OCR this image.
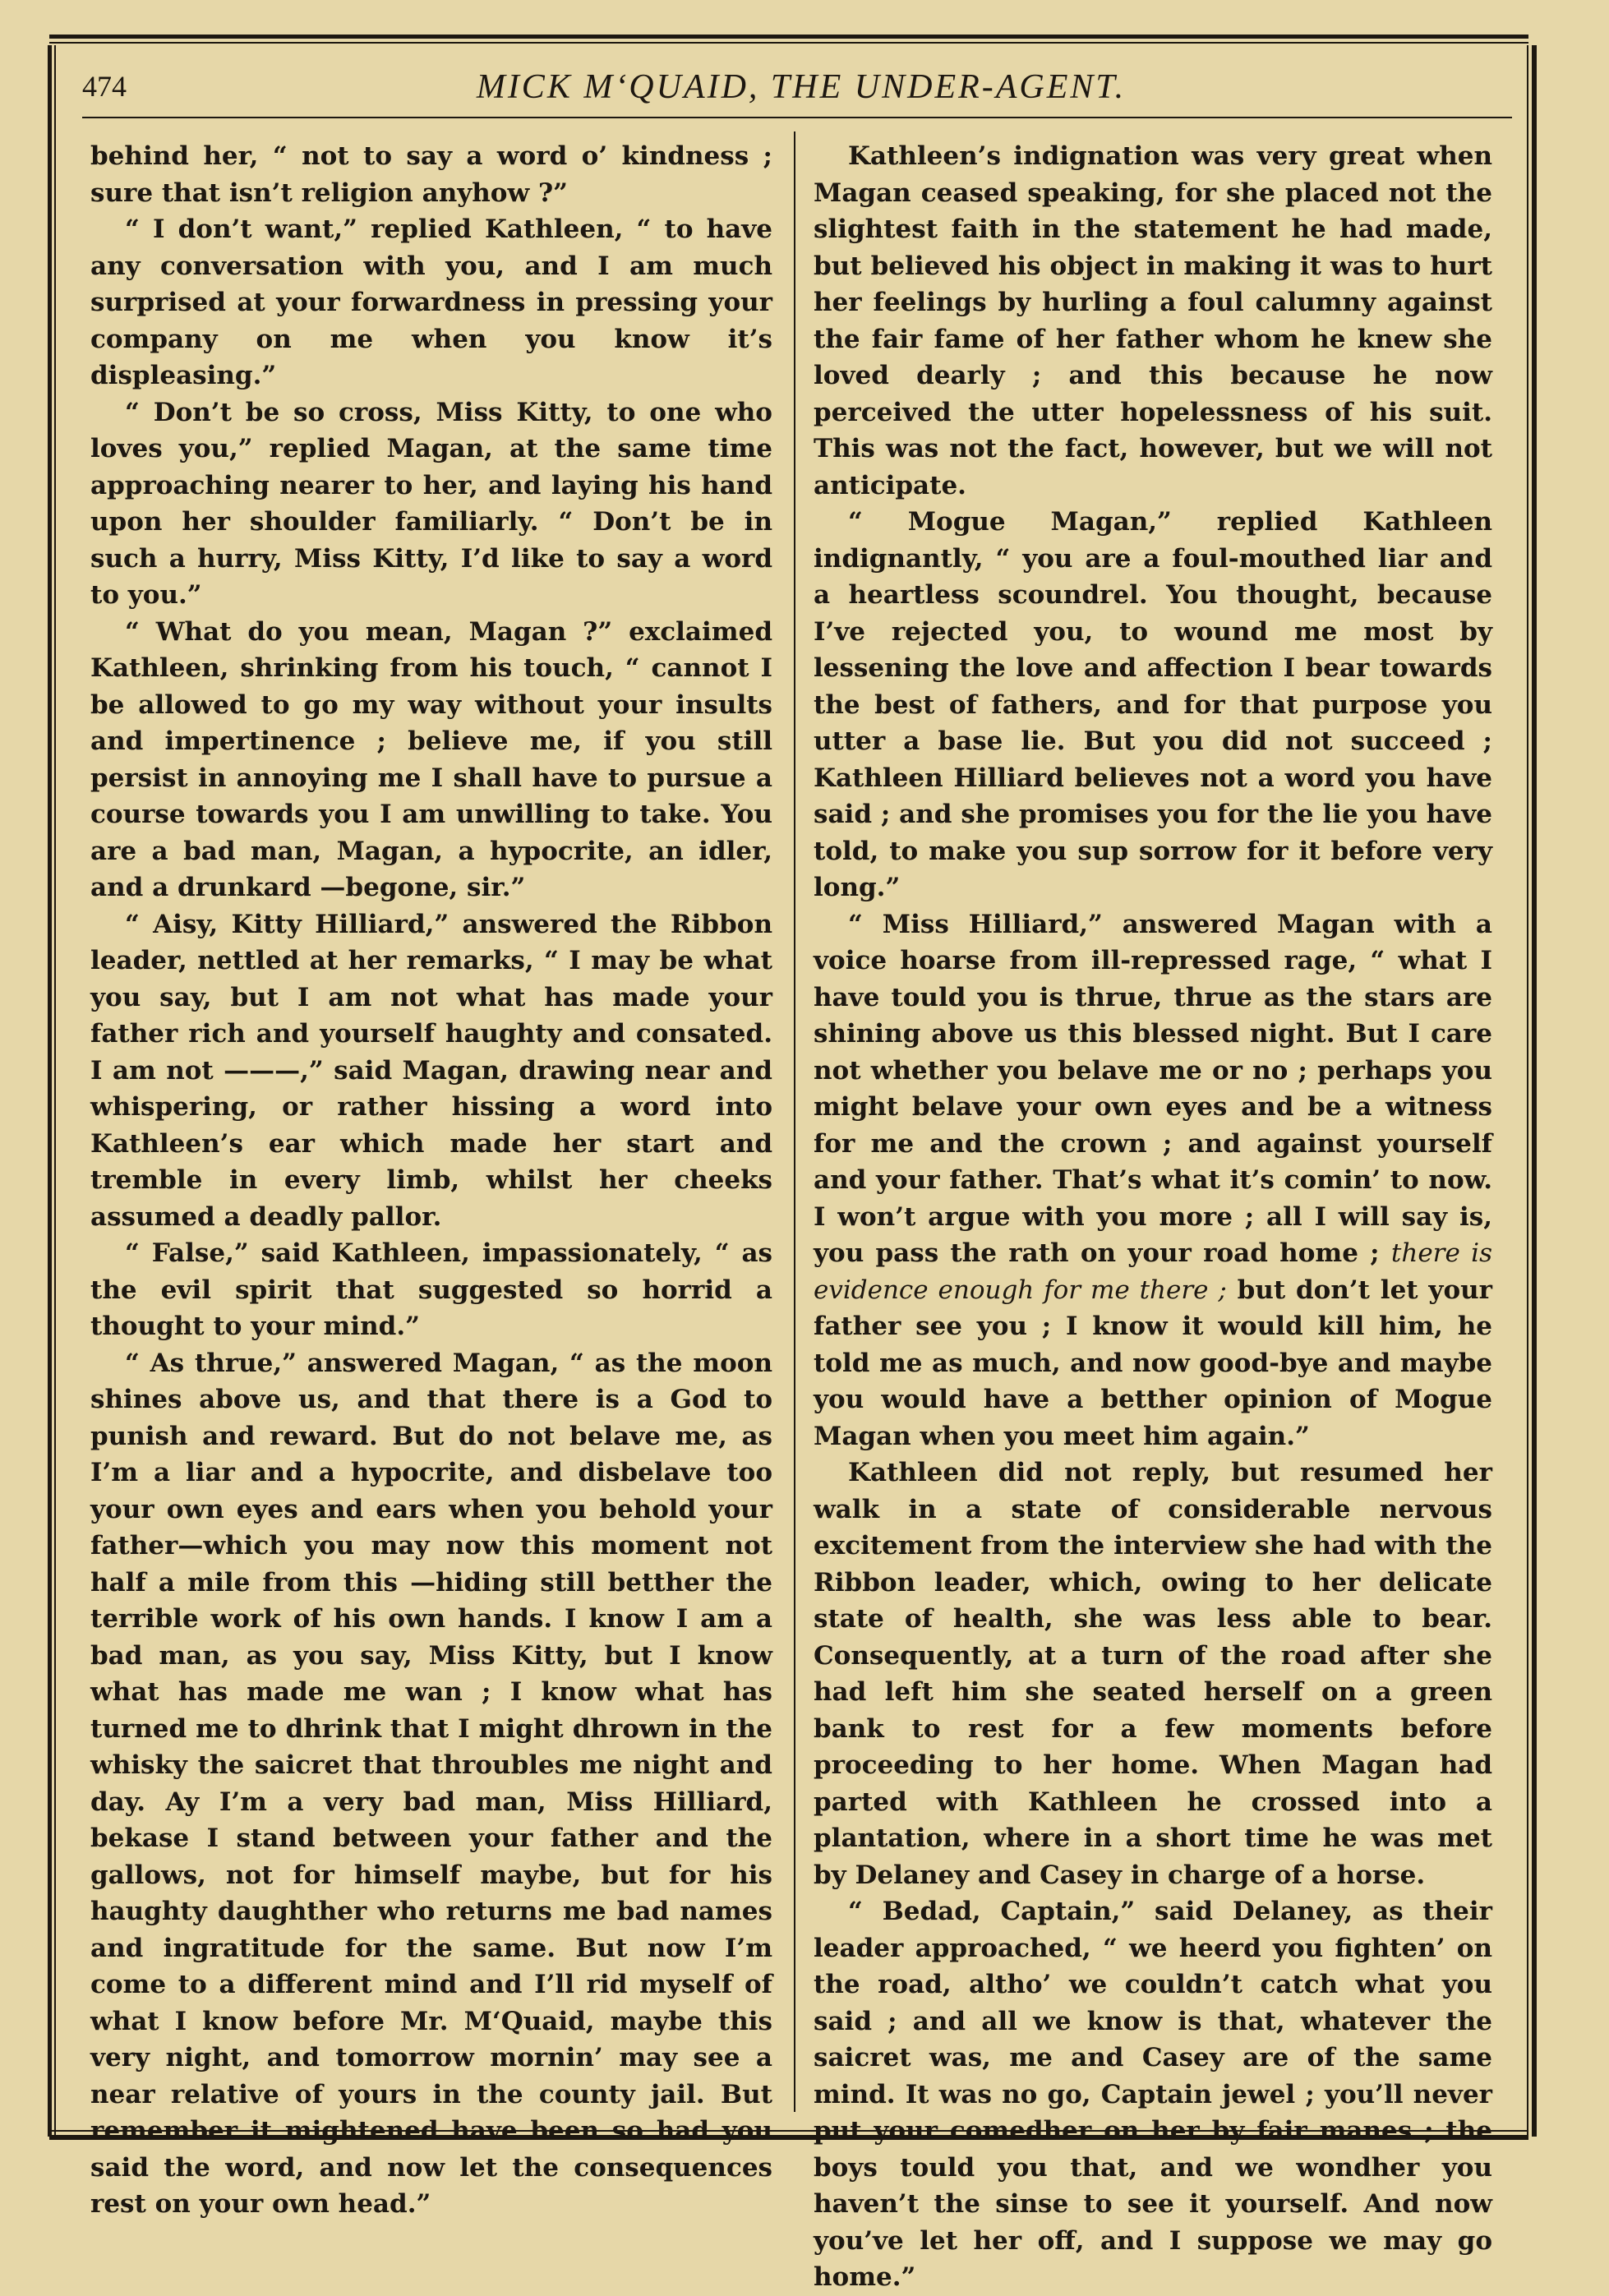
474	MICK M‘QUAID, THE UNDER-AGENT.

behind her, “ not to say a word o’ kindness ; sure that isn’t religion anyhow ?”

“ I don’t want,” replied Kathleen, “ to have any conversation with you, and I am much surprised at your forwardness in pressing your company on me when you know it’s displeasing.”

“ Don’t be so cross, Miss Kitty, to one who loves you,” replied Magan, at the same time approaching nearer to her, and laying his hand upon her shoulder familiarly. “ Don’t be in such a hurry, Miss Kitty, I’d like to say a word to you.”

“ What do you mean, Magan ?” exclaimed Kathleen, shrinking from his touch, “ cannot I be allowed to go my way without your insults and impertinence ; believe me, if you still persist in annoying me I shall have to pursue a course towards you I am unwilling to take. You are a bad man, Magan, a hypocrite, an idler, and a drunkard —begone, sir.”

“ Aisy, Kitty Hilliard,” answered the Ribbon leader, nettled at her remarks, “ I may be what you say, but I am not what has made your father rich and yourself haughty and consated. I am not ———,” said Magan, drawing near and whispering, or rather hissing a word into Kathleen’s ear which made her start and tremble in every limb, whilst her cheeks assumed a deadly pallor.

“ False,” said Kathleen, impassionately, “ as the evil spirit that suggested so horrid a thought to your mind.”

“ As thrue,” answered Magan, “ as the moon shines above us, and that there is a God to punish and reward. But do not belave me, as I’m a liar and a hypocrite, and disbelave too your own eyes and ears when you behold your father—which you may now this moment not half a mile from this —hiding still betther the terrible work of his own hands. I know I am a bad man, as you say, Miss Kitty, but I know what has made me wan ; I know what has turned me to dhrink that I might dhrown in the whisky the saicret that throubles me night and day. Ay I’m a very bad man, Miss Hilliard, bekase I stand between your father and the gallows, not for himself maybe, but for his haughty daughther who returns me bad names and ingratitude for the same. But now I’m come to a different mind and I’ll rid myself of what I know before Mr. M‘Quaid, maybe this very night, and tomorrow mornin’ may see a near relative of yours in the county jail. But remember it mightened have been so had you said the word, and now let the consequences rest on your own head.”

Kathleen’s indignation was very great when Magan ceased speaking, for she placed not the slightest faith in the statement he had made, but believed his object in making it was to hurt her feelings by hurling a foul calumny against the fair fame of her father whom he knew she loved dearly ; and this because he now perceived the utter hopelessness of his suit. This was not the fact, however, but we will not anticipate.

“ Mogue Magan,” replied Kathleen indignantly, “ you are a foul-mouthed liar and a heartless scoundrel. You thought, because I’ve rejected you, to wound me most by lessening the love and affection I bear towards the best of fathers, and for that purpose you utter a base lie. But you did not succeed ; Kathleen Hilliard believes not a word you have said ; and she promises you for the lie you have told, to make you sup sorrow for it before very long.”

“ Miss Hilliard,” answered Magan with a voice hoarse from ill-repressed rage, “ what I have tould you is thrue, thrue as the stars are shining above us this blessed night. But I care not whether you belave me or no ; perhaps you might belave your own eyes and be a witness for me and the crown ; and against yourself and your father. That’s what it’s comin’ to now. I won’t argue with you more ; all I will say is, you pass the rath on your road home ; there is evidence enough for me there ; but don’t let your father see you ; I know it would kill him, he told me as much, and now good-bye and maybe you would have a betther opinion of Mogue Magan when you meet him again.”

Kathleen did not reply, but resumed her walk in a state of considerable nervous excitement from the interview she had with the Ribbon leader, which, owing to her delicate state of health, she was less able to bear. Consequently, at a turn of the road after she had left him she seated herself on a green bank to rest for a few moments before proceeding to her home. When Magan had parted with Kathleen he crossed into a plantation, where in a short time he was met by Delaney and Casey in charge of a horse.

“ Bedad, Captain,” said Delaney, as their leader approached, “ we heerd you fighten’ on the road, altho’ we couldn’t catch what you said ; and all we know is that, whatever the saicret was, me and Casey are of the same mind. It was no go, Captain jewel ; you’ll never put your comedher on her by fair manes ; the boys tould you that, and we wondher you haven’t the sinse to see it yourself. And now you’ve let her off, and I suppose we may go home.”
